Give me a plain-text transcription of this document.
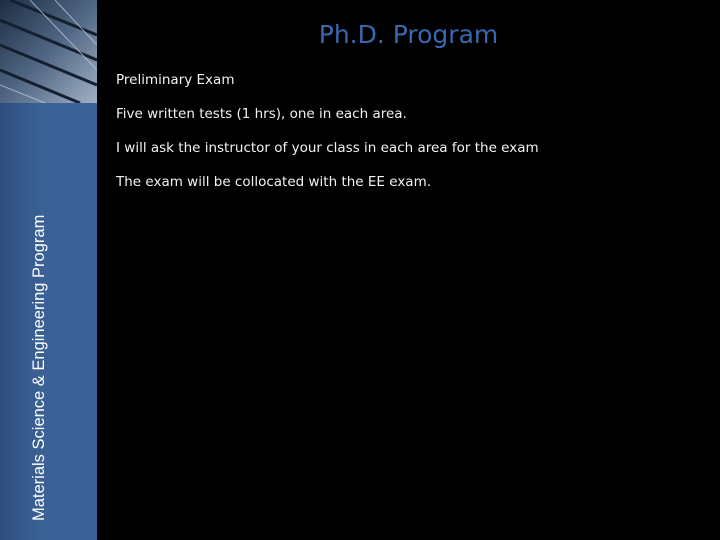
Materials Science & Engineering Program
Ph.D. Program
Preliminary Exam
Five written tests (1 hrs), one in each area.
I will ask the instructor of your class in each area for the exam
The exam will be collocated with the EE exam.
